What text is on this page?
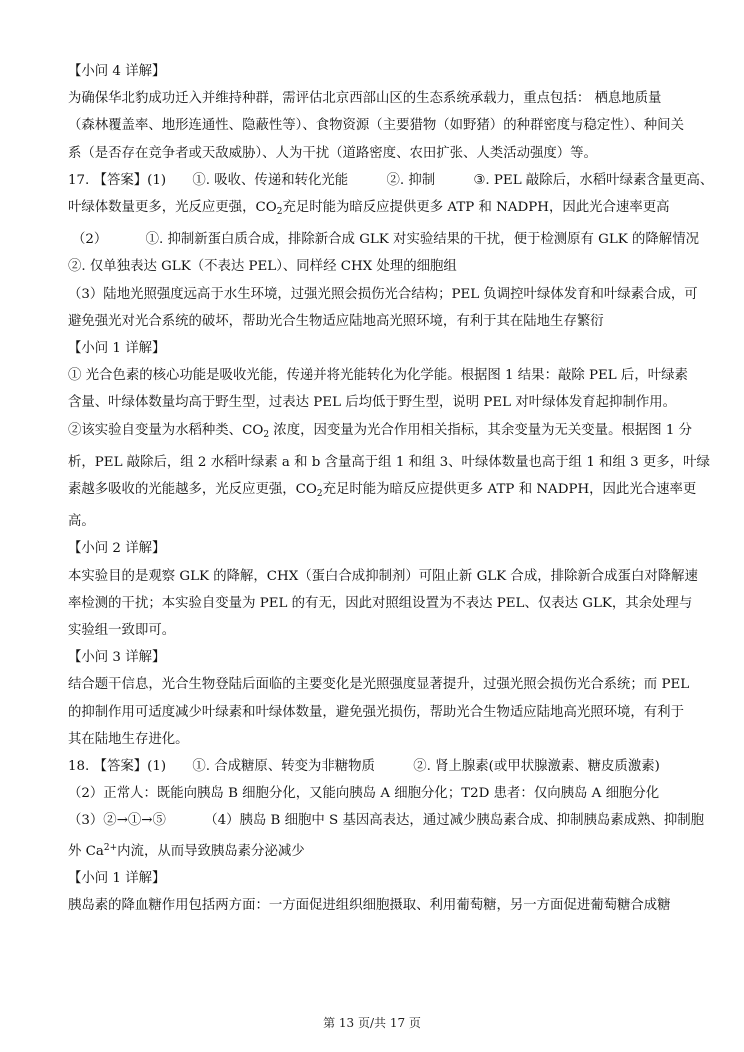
【小问 4 详解】
为确保华北豹成功迁入并维持种群，需评估北京西部山区的生态系统承载力，重点包括： 栖息地质量
（森林覆盖率、地形连通性、隐蔽性等）、食物资源（主要猎物（如野猪）的种群密度与稳定性）、种间关
系（是否存在竞争者或天敌威胁）、人为干扰（道路密度、农田扩张、人类活动强度）等。
17. 【答案】(1) ①. 吸收、传递和转化光能	②. 抑制	③. PEL 敲除后，水稻叶绿素含量更高、
叶绿体数量更多，光反应更强，$CO_2$充足时能为暗反应提供更多 ATP 和 NADPH，因此光合速率更高
（2）	①. 抑制新蛋白质合成，排除新合成 GLK 对实验结果的干扰，便于检测原有 GLK 的降解情况
②. 仅单独表达 GLK（不表达 PEL）、同样经 CHX 处理的细胞组
（3）陆地光照强度远高于水生环境，过强光照会损伤光合结构；PEL 负调控叶绿体发育和叶绿素合成，可
避免强光对光合系统的破坏，帮助光合生物适应陆地高光照环境，有利于其在陆地生存繁衍
【小问 1 详解】
① 光合色素的核心功能是吸收光能，传递并将光能转化为化学能。根据图 1 结果：敲除 PEL 后，叶绿素
含量、叶绿体数量均高于野生型，过表达 PEL 后均低于野生型，说明 PEL 对叶绿体发育起抑制作用。
②该实验自变量为水稻种类、$CO_2$ 浓度，因变量为光合作用相关指标，其余变量为无关变量。根据图 1 分
析，PEL 敲除后，组 2 水稻叶绿素 a 和 b 含量高于组 1 和组 3、叶绿体数量也高于组 1 和组 3 更多，叶绿
素越多吸收的光能越多，光反应更强，$CO_2$充足时能为暗反应提供更多 ATP 和 NADPH，因此光合速率更
高。
【小问 2 详解】
本实验目的是观察 GLK 的降解，CHX（蛋白合成抑制剂）可阻止新 GLK 合成，排除新合成蛋白对降解速
率检测的干扰；本实验自变量为 PEL 的有无，因此对照组设置为不表达 PEL、仅表达 GLK，其余处理与
实验组一致即可。
【小问 3 详解】
结合题干信息，光合生物登陆后面临的主要变化是光照强度显著提升，过强光照会损伤光合系统；而 PEL
的抑制作用可适度减少叶绿素和叶绿体数量，避免强光损伤，帮助光合生物适应陆地高光照环境，有利于
其在陆地生存进化。
18. 【答案】(1) ①. 合成糖原、转变为非糖物质	②. 肾上腺素(或甲状腺激素、糖皮质激素)
（2）正常人：既能向胰岛 B 细胞分化，又能向胰岛 A 细胞分化；T2D 患者：仅向胰岛 A 细胞分化
（3）②→①→⑤	（4）胰岛 B 细胞中 S 基因高表达，通过减少胰岛素合成、抑制胰岛素成熟、抑制胞
外 $Ca^{2+}$内流，从而导致胰岛素分泌减少
【小问 1 详解】
胰岛素的降血糖作用包括两方面：一方面促进组织细胞摄取、利用葡萄糖，另一方面促进葡萄糖合成糖
第 13 页/共 17 页
